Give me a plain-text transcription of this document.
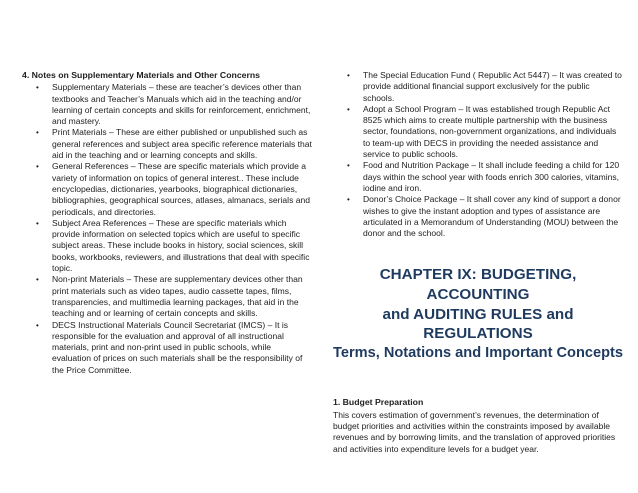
4. Notes on Supplementary Materials and Other Concerns
• Supplementary Materials – these are teacher’s devices other than textbooks and Teacher’s Manuals which aid in the teaching and/or learning of certain concepts and skills for reinforcement, enrichment, and mastery.
• Print Materials – These are either published or unpublished such as general references and subject area specific reference materials that aid in the teaching and or learning concepts and skills.
• General References – These are specific materials which provide a variety of information on topics of general interest.. These include encyclopedias, dictionaries, yearbooks, biographical dictionaries, bibliographies, geographical sources, atlases, almanacs, serials and periodicals, and directories.
• Subject Area References – These are specific materials which provide information on selected topics which are useful to specific subject areas. These include books in history, social sciences, skill books, workbooks, reviewers, and illustrations that deal with specific topic.
• Non-print Materials – These are supplementary devices other than print materials such as video tapes, audio cassette tapes, films, transparencies, and multimedia learning packages, that aid in the teaching and or learning of certain concepts and skills.
• DECS Instructional Materials Council Secretariat (IMCS) – It is responsible for the evaluation and approval of all instructional materials, print and non-print used in public schools, while evaluation of prices on such materials shall be the responsibility of the Price Committee.
• The Special Education Fund ( Republic Act 5447) – It was created to provide additional financial support exclusively for the public schools.
• Adopt a School Program – It was established trough Republic Act 8525 which aims to create multiple partnership with the business sector, foundations, non-government organizations, and individuals to team-up with DECS in providing the needed assistance and service to public schools.
• Food and Nutrition Package – It shall include feeding a child for 120 days within the school year with foods enrich 300 calories, vitamins, iodine and iron.
• Donor’s Choice Package – It shall cover any kind of support a donor wishes to give the instant adoption and types of assistance are articulated in a Memorandum of Understanding (MOU) between the donor and the school.
CHAPTER IX: BUDGETING, ACCOUNTING
and AUDITING RULES and REGULATIONS
Terms, Notations and Important Concepts
1. Budget Preparation

This covers estimation of government’s revenues, the determination of budget priorities and activities within the constraints imposed by available revenues and by borrowing limits, and the translation of approved priorities and activities into expenditure levels for a budget year.
